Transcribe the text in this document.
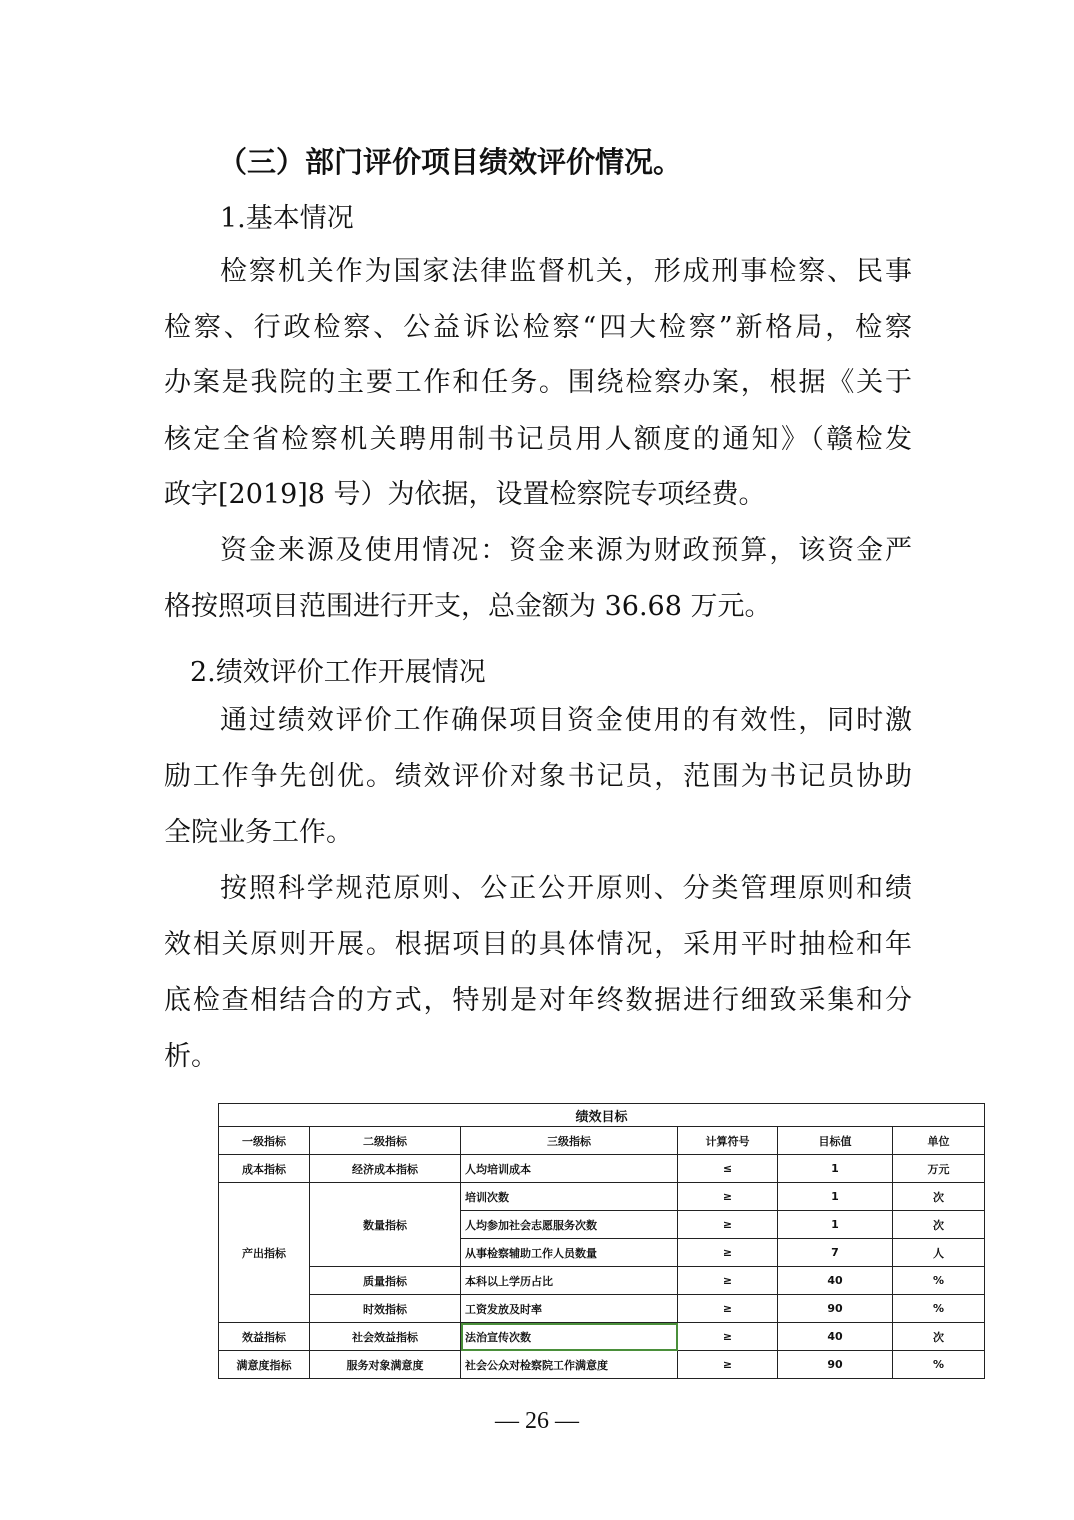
（三）部门评价项目绩效评价情况。
1.基本情况
检察机关作为国家法律监督机关，形成刑事检察、民事
检察、行政检察、公益诉讼检察“四大检察”新格局，检察
办案是我院的主要工作和任务。围绕检察办案，根据《关于
核定全省检察机关聘用制书记员用人额度的通知》（赣检发
政字[2019]8 号）为依据，设置检察院专项经费。
资金来源及使用情况：资金来源为财政预算，该资金严
格按照项目范围进行开支，总金额为 36.68 万元。
2.绩效评价工作开展情况
通过绩效评价工作确保项目资金使用的有效性，同时激
励工作争先创优。绩效评价对象书记员，范围为书记员协助
全院业务工作。
按照科学规范原则、公正公开原则、分类管理原则和绩
效相关原则开展。根据项目的具体情况，采用平时抽检和年
底检查相结合的方式，特别是对年终数据进行细致采集和分
析。
绩效目标					
一级指标	二级指标	三级指标	计算符号	目标值	单位
成本指标	经济成本指标	人均培训成本	≤	1	万元
产出指标	数量指标	培训次数	≥	1	次
		人均参加社会志愿服务次数	≥	1	次
		从事检察辅助工作人员数量	≥	7	人
	质量指标	本科以上学历占比	≥	40	%
	时效指标	工资发放及时率	≥	90	%
效益指标	社会效益指标	法治宣传次数	≥	40	次
满意度指标	服务对象满意度	社会公众对检察院工作满意度	≥	90	%
— 26 —
